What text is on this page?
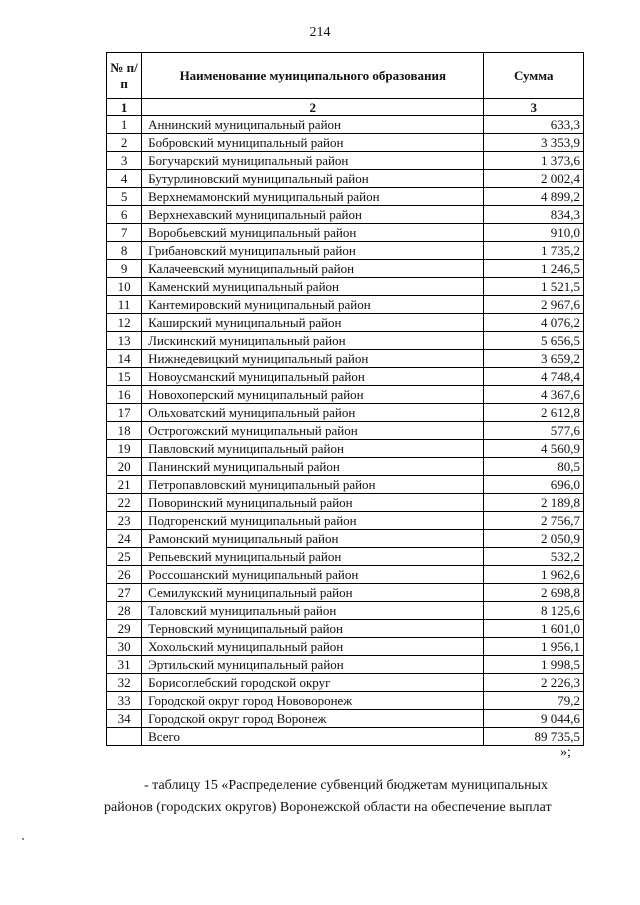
214
№ п/п	Наименование муниципального образования	Сумма
1	2	3
1	Аннинский муниципальный район	633,3
2	Бобровский муниципальный район	3 353,9
3	Богучарский муниципальный район	1 373,6
4	Бутурлиновский муниципальный район	2 002,4
5	Верхнемамонский муниципальный район	4 899,2
6	Верхнехавский муниципальный район	834,3
7	Воробьевский муниципальный район	910,0
8	Грибановский муниципальный район	1 735,2
9	Калачеевский муниципальный район	1 246,5
10	Каменский муниципальный район	1 521,5
11	Кантемировский муниципальный район	2 967,6
12	Каширский муниципальный район	4 076,2
13	Лискинский муниципальный район	5 656,5
14	Нижнедевицкий муниципальный район	3 659,2
15	Новоусманский муниципальный район	4 748,4
16	Новохоперский муниципальный район	4 367,6
17	Ольховатский муниципальный район	2 612,8
18	Острогожский муниципальный район	577,6
19	Павловский муниципальный район	4 560,9
20	Панинский муниципальный район	80,5
21	Петропавловский муниципальный район	696,0
22	Поворинский муниципальный район	2 189,8
23	Подгоренский муниципальный район	2 756,7
24	Рамонский муниципальный район	2 050,9
25	Репьевский муниципальный район	532,2
26	Россошанский муниципальный район	1 962,6
27	Семилукский муниципальный район	2 698,8
28	Таловский муниципальный район	8 125,6
29	Терновский муниципальный район	1 601,0
30	Хохольский муниципальный район	1 956,1
31	Эртильский муниципальный район	1 998,5
32	Борисоглебский городской округ	2 226,3
33	Городской округ город Нововоронеж	79,2
34	Городской округ город Воронеж	9 044,6
	Всего	89 735,5
»;
- таблицу 15 «Распределение субвенций бюджетам муниципальных
районов (городских округов) Воронежской области на обеспечение выплат
